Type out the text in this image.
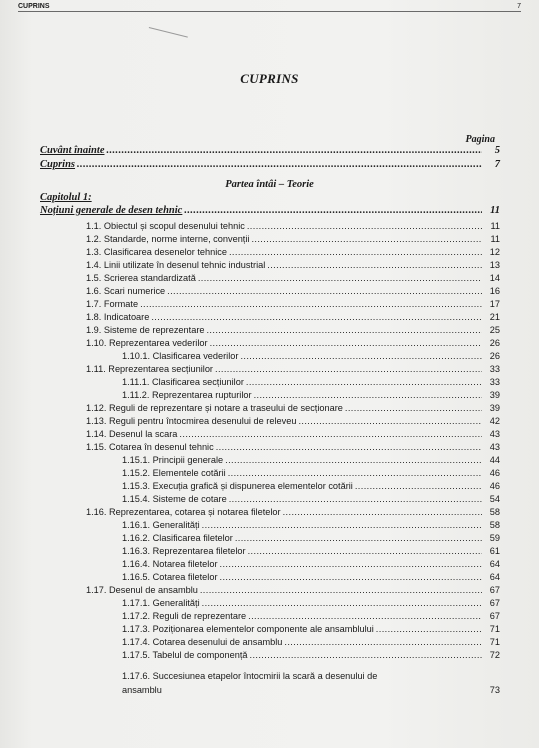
CUPRINS	7
CUPRINS
Pagina
Cuvânt înainte .....	5
Cuprins .....	7
Partea întâi – Teorie
Capitolul 1:
Noțiuni generale de desen tehnic .....	11
1.1. Obiectul și scopul desenului tehnic .....	11
1.2. Standarde, norme interne, convenții .....	11
1.3. Clasificarea desenelor tehnice .....	12
1.4. Linii utilizate în desenul tehnic industrial .....	13
1.5. Scrierea standardizată .....	14
1.6. Scari numerice .....	16
1.7. Formate .....	17
1.8. Indicatoare .....	21
1.9. Sisteme de reprezentare .....	25
1.10. Reprezentarea vederilor .....	26
1.10.1. Clasificarea vederilor .....	26
1.11. Reprezentarea secțiunilor .....	33
1.11.1. Clasificarea secțiunilor .....	33
1.11.2. Reprezentarea rupturilor .....	39
1.12. Reguli de reprezentare și notare a traseului de secționare .....	39
1.13. Reguli pentru întocmirea desenului de releveu .....	42
1.14. Desenul la scara .....	43
1.15. Cotarea în desenul tehnic .....	43
1.15.1. Principii generale .....	44
1.15.2. Elementele cotării .....	46
1.15.3. Execuția grafică și dispunerea elementelor cotării .....	46
1.15.4. Sisteme de cotare .....	54
1.16. Reprezentarea, cotarea și notarea filetelor .....	58
1.16.1. Generalități .....	58
1.16.2. Clasificarea filetelor .....	59
1.16.3. Reprezentarea filetelor .....	61
1.16.4. Notarea filetelor .....	64
1.16.5. Cotarea filetelor .....	64
1.17. Desenul de ansamblu .....	67
1.17.1. Generalități .....	67
1.17.2. Reguli de reprezentare .....	67
1.17.3. Poziționarea elementelor componente ale ansamblului .....	71
1.17.4. Cotarea desenului de ansamblu .....	71
1.17.5. Tabelul de componență .....	72
1.17.6. Succesiunea etapelor întocmirii la scară a desenului de
ansamblu	73
